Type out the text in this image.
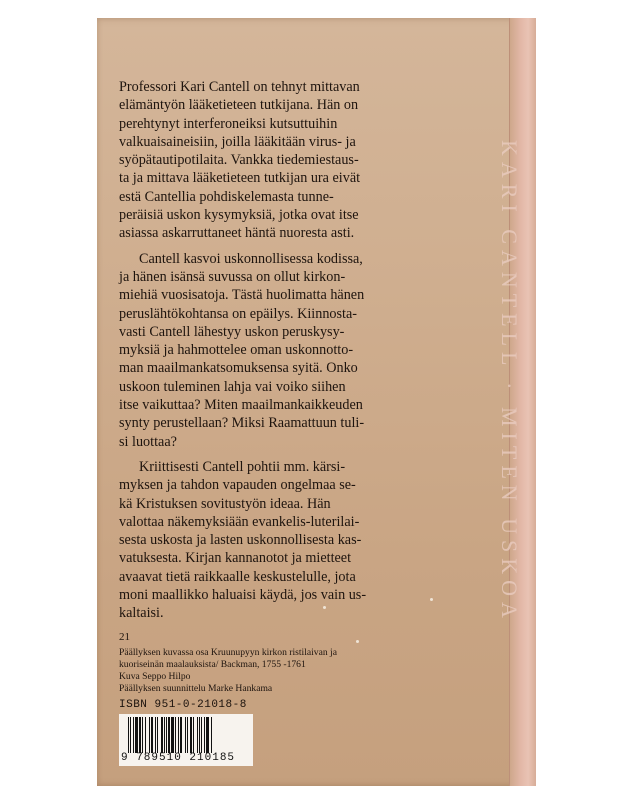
KARI CANTELL · MITEN USKOA
Professori Kari Cantell on tehnyt mittavan
elämäntyön lääketieteen tutkijana. Hän on
perehtynyt interferoneiksi kutsuttuihin
valkuaisaineisiin, joilla lääkitään virus- ja
syöpätautipotilaita. Vankka tiedemiestaus-
ta ja mittava lääketieteen tutkijan ura eivät
estä Cantellia pohdiskelemasta tunne-
peräisiä uskon kysymyksiä, jotka ovat itse
asiassa askarruttaneet häntä nuoresta asti.
Cantell kasvoi uskonnollisessa kodissa,
ja hänen isänsä suvussa on ollut kirkon-
miehiä vuosisatoja. Tästä huolimatta hänen
peruslähtökohtansa on epäilys. Kiinnosta-
vasti Cantell lähestyy uskon peruskysy-
myksiä ja hahmottelee oman uskonnotto-
man maailmankatsomuksensa syitä. Onko
uskoon tuleminen lahja vai voiko siihen
itse vaikuttaa? Miten maailmankaikkeuden
synty perustellaan? Miksi Raamattuun tuli-
si luottaa?
Kriittisesti Cantell pohtii mm. kärsi-
myksen ja tahdon vapauden ongelmaa se-
kä Kristuksen sovitustyön ideaa. Hän
valottaa näkemyksiään evankelis-luterilai-
sesta uskosta ja lasten uskonnollisesta kas-
vatuksesta. Kirjan kannanotot ja mietteet
avaavat tietä raikkaalle keskustelulle, jota
moni maallikko haluaisi käydä, jos vain us-
kaltaisi.
21
Päällyksen kuvassa osa Kruunupyyn kirkon ristilaivan ja
kuoriseinän maalauksista/ Backman, 1755 -1761
Kuva Seppo Hilpo
Päällyksen suunnittelu Marke Hankama
ISBN 951-0-21018-8
9 789510 210185
